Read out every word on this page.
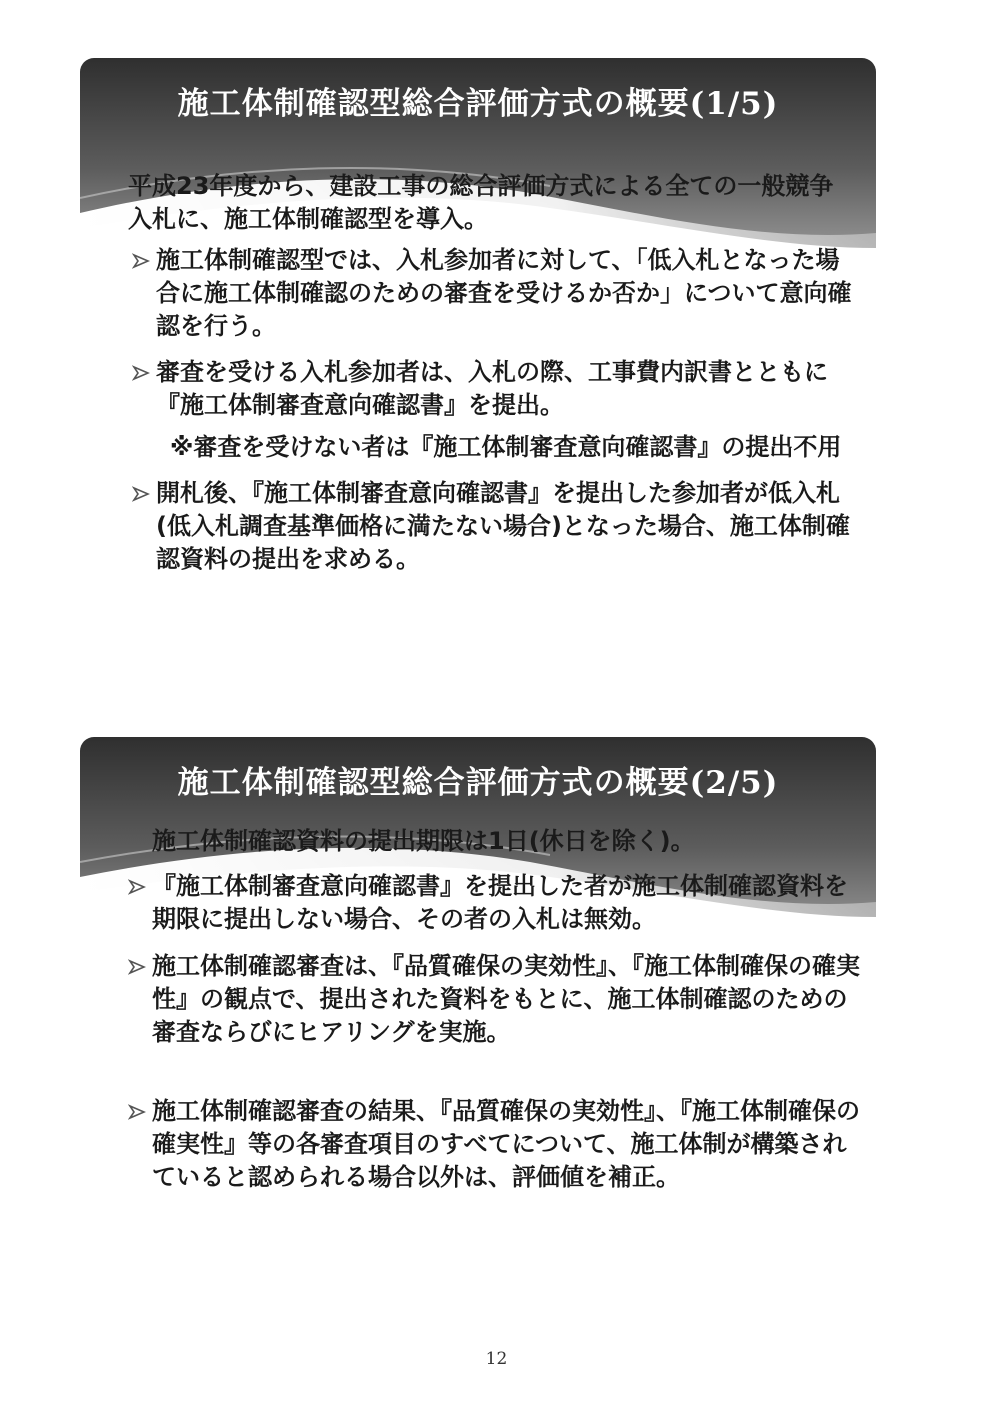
施工体制確認型総合評価方式の概要(1/5)

平成23年度から、建設工事の総合評価方式による全ての一般競争入札に、施工体制確認型を導入。

施工体制確認型では、入札参加者に対して、「低入札となった場合に施工体制確認のための審査を受けるか否か」について意向確認を行う。
審査を受ける入札参加者は、入札の際、工事費内訳書とともに『施工体制審査意向確認書』を提出。
※審査を受けない者は『施工体制審査意向確認書』の提出不用
開札後、『施工体制審査意向確認書』を提出した参加者が低入札(低入札調査基準価格に満たない場合)となった場合、施工体制確認資料の提出を求める。
施工体制確認型総合評価方式の概要(2/5)

施工体制確認資料の提出期限は1日(休日を除く)。

『施工体制審査意向確認書』を提出した者が施工体制確認資料を期限に提出しない場合、その者の入札は無効。
施工体制確認審査は、『品質確保の実効性』、『施工体制確保の確実性』の観点で、提出された資料をもとに、施工体制確認のための審査ならびにヒアリングを実施。
施工体制確認審査の結果、『品質確保の実効性』、『施工体制確保の確実性』等の各審査項目のすべてについて、施工体制が構築されていると認められる場合以外は、評価値を補正。
12
